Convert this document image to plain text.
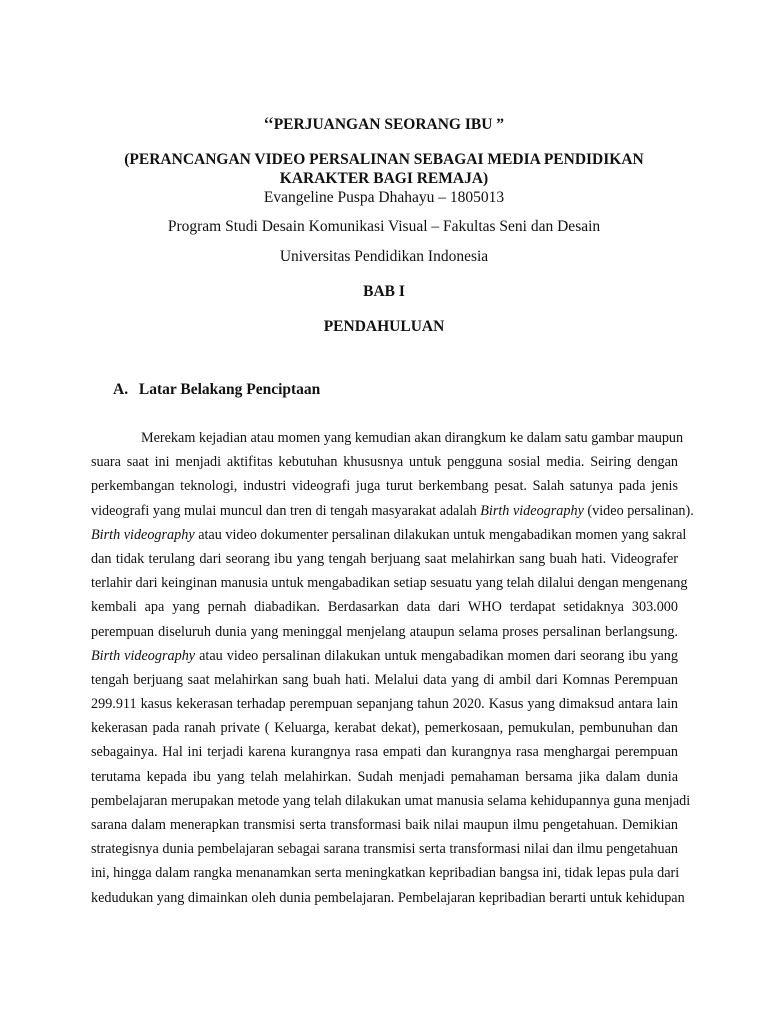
“PERJUANGAN SEORANG IBU ”
(PERANCANGAN VIDEO PERSALINAN SEBAGAI MEDIA PENDIDIKAN
KARAKTER BAGI REMAJA)
Evangeline Puspa Dhahayu – 1805013
Program Studi Desain Komunikasi Visual – Fakultas Seni dan Desain
Universitas Pendidikan Indonesia
BAB I
PENDAHULUAN
A. Latar Belakang Penciptaan
Merekam kejadian atau momen yang kemudian akan dirangkum ke dalam satu gambar maupun
suara saat ini menjadi aktifitas kebutuhan khususnya untuk pengguna sosial media. Seiring dengan
perkembangan teknologi, industri videografi juga turut berkembang pesat. Salah satunya pada jenis
videografi yang mulai muncul dan tren di tengah masyarakat adalah Birth videography (video persalinan).
Birth videography atau video dokumenter persalinan dilakukan untuk mengabadikan momen yang sakral
dan tidak terulang dari seorang ibu yang tengah berjuang saat melahirkan sang buah hati. Videografer
terlahir dari keinginan manusia untuk mengabadikan setiap sesuatu yang telah dilalui dengan mengenang
kembali apa yang pernah diabadikan. Berdasarkan data dari WHO terdapat setidaknya 303.000
perempuan diseluruh dunia yang meninggal menjelang ataupun selama proses persalinan berlangsung.
Birth videography atau video persalinan dilakukan untuk mengabadikan momen dari seorang ibu yang
tengah berjuang saat melahirkan sang buah hati. Melalui data yang di ambil dari Komnas Perempuan
299.911 kasus kekerasan terhadap perempuan sepanjang tahun 2020. Kasus yang dimaksud antara lain
kekerasan pada ranah private ( Keluarga, kerabat dekat), pemerkosaan, pemukulan, pembunuhan dan
sebagainya. Hal ini terjadi karena kurangnya rasa empati dan kurangnya rasa menghargai perempuan
terutama kepada ibu yang telah melahirkan. Sudah menjadi pemahaman bersama jika dalam dunia
pembelajaran merupakan metode yang telah dilakukan umat manusia selama kehidupannya guna menjadi
sarana dalam menerapkan transmisi serta transformasi baik nilai maupun ilmu pengetahuan. Demikian
strategisnya dunia pembelajaran sebagai sarana transmisi serta transformasi nilai dan ilmu pengetahuan
ini, hingga dalam rangka menanamkan serta meningkatkan kepribadian bangsa ini, tidak lepas pula dari
kedudukan yang dimainkan oleh dunia pembelajaran. Pembelajaran kepribadian berarti untuk kehidupan
